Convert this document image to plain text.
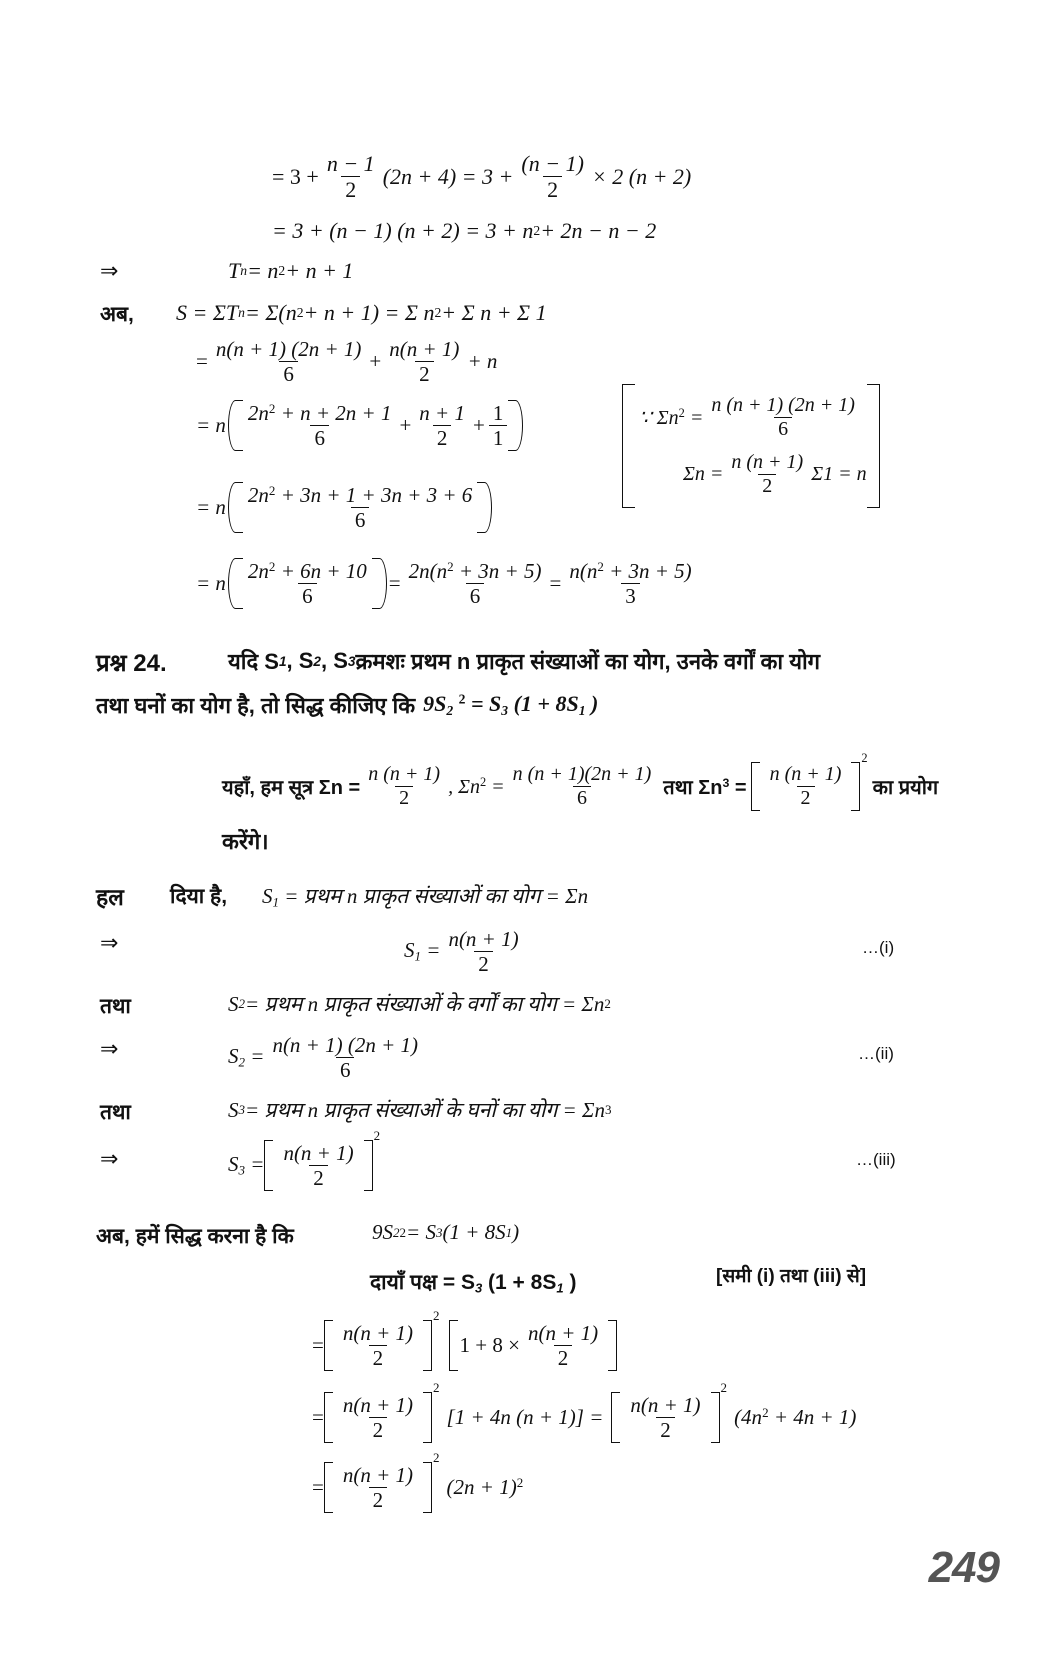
= $3 + \frac{n - 1}{2} (2n + 4) = 3 + \frac{(n - 1)}{2} \times 2$ (n + 2)
= 3 + (n − 1) (n + 2) = 3 + n 2 + 2n − n − 2
⇒	T n = n 2 + n + 1
अब, S = ΣT n = Σ(n 2 + n + 1) = Σ n 2 + Σ n + Σ 1
= $\frac{n(n + 1) (2n + 1)}{6} + \frac{n(n + 1)}{2} + n$
= n $\frac{2n^2 + n + 2n + 1}{6} + \frac{n + 1}{2} + \frac{1}{1}$
= n $\frac{2n^2 + 3n + 1 + 3n + 3 + 6}{6}$
= n $\frac{2n^2 + 6n + 10}{6} = \frac{2n(n^2 + 3n + 5)}{6} = \frac{n(n^2 + 3n + 5)}{3}$
∵ $\Sigma n^2 = \frac{n (n + 1) (2n + 1)}{6}$
$\Sigma n = \frac{n (n + 1)}{2} \Sigma 1 = n$
प्रश्न 24.	यदि S 1 , S 2 , S 3 क्रमशः प्रथम n प्राकृत संख्याओं का योग, उनके वर्गों का योग
तथा घनों का योग है, तो सिद्ध कीजिए कि $9S_2$ $^2 = S_3$ ($1 + 8S_1$ )
यहाँ, हम सूत्र $\Sigma n = \frac{n (n + 1)}{2}$ , $\Sigma n^2 = \frac{n (n + 1)(2n + 1)}{6}$ तथा $\Sigma n^3 = \frac{n (n + 1)}{2}$
2
का प्रयोग
करेंगे।
हल दिया है, $S_1$ = प्रथम n प्राकृत संख्याओं का योग = Σn
⇒	$S_1 = \frac{n(n + 1)}{2}$	…(i)
तथा	S 2 = प्रथम n प्राकृत संख्याओं के वर्गों का योग = Σn 2
⇒	$S_2 = \frac{n(n + 1) (2n + 1)}{6}$	…(ii)
तथा	S 3 = प्रथम n प्राकृत संख्याओं के घनों का योग = Σn 3
⇒	$S_3 = \frac{n(n + 1)}{2}$
2
…(iii)
अब, हमें सिद्ध करना है कि	9S 2 2 = S 3 (1 + 8S 1 )
दायाँ पक्ष = $S_3$ ($1 + 8S_1$ )
= $\frac{n(n + 1)}{2}$
2
$1 + 8 \times \frac{n(n + 1)}{2}$
[समी (i) तथा (iii) से]
= $\frac{n(n + 1)}{2}$
2
[1 + 4n $(n + 1)] = \frac{n(n + 1)}{2}$
2
$(4n^2 + 4n + 1)$
= $\frac{n(n + 1)}{2}$
2
$(2n + 1)^2$
249
